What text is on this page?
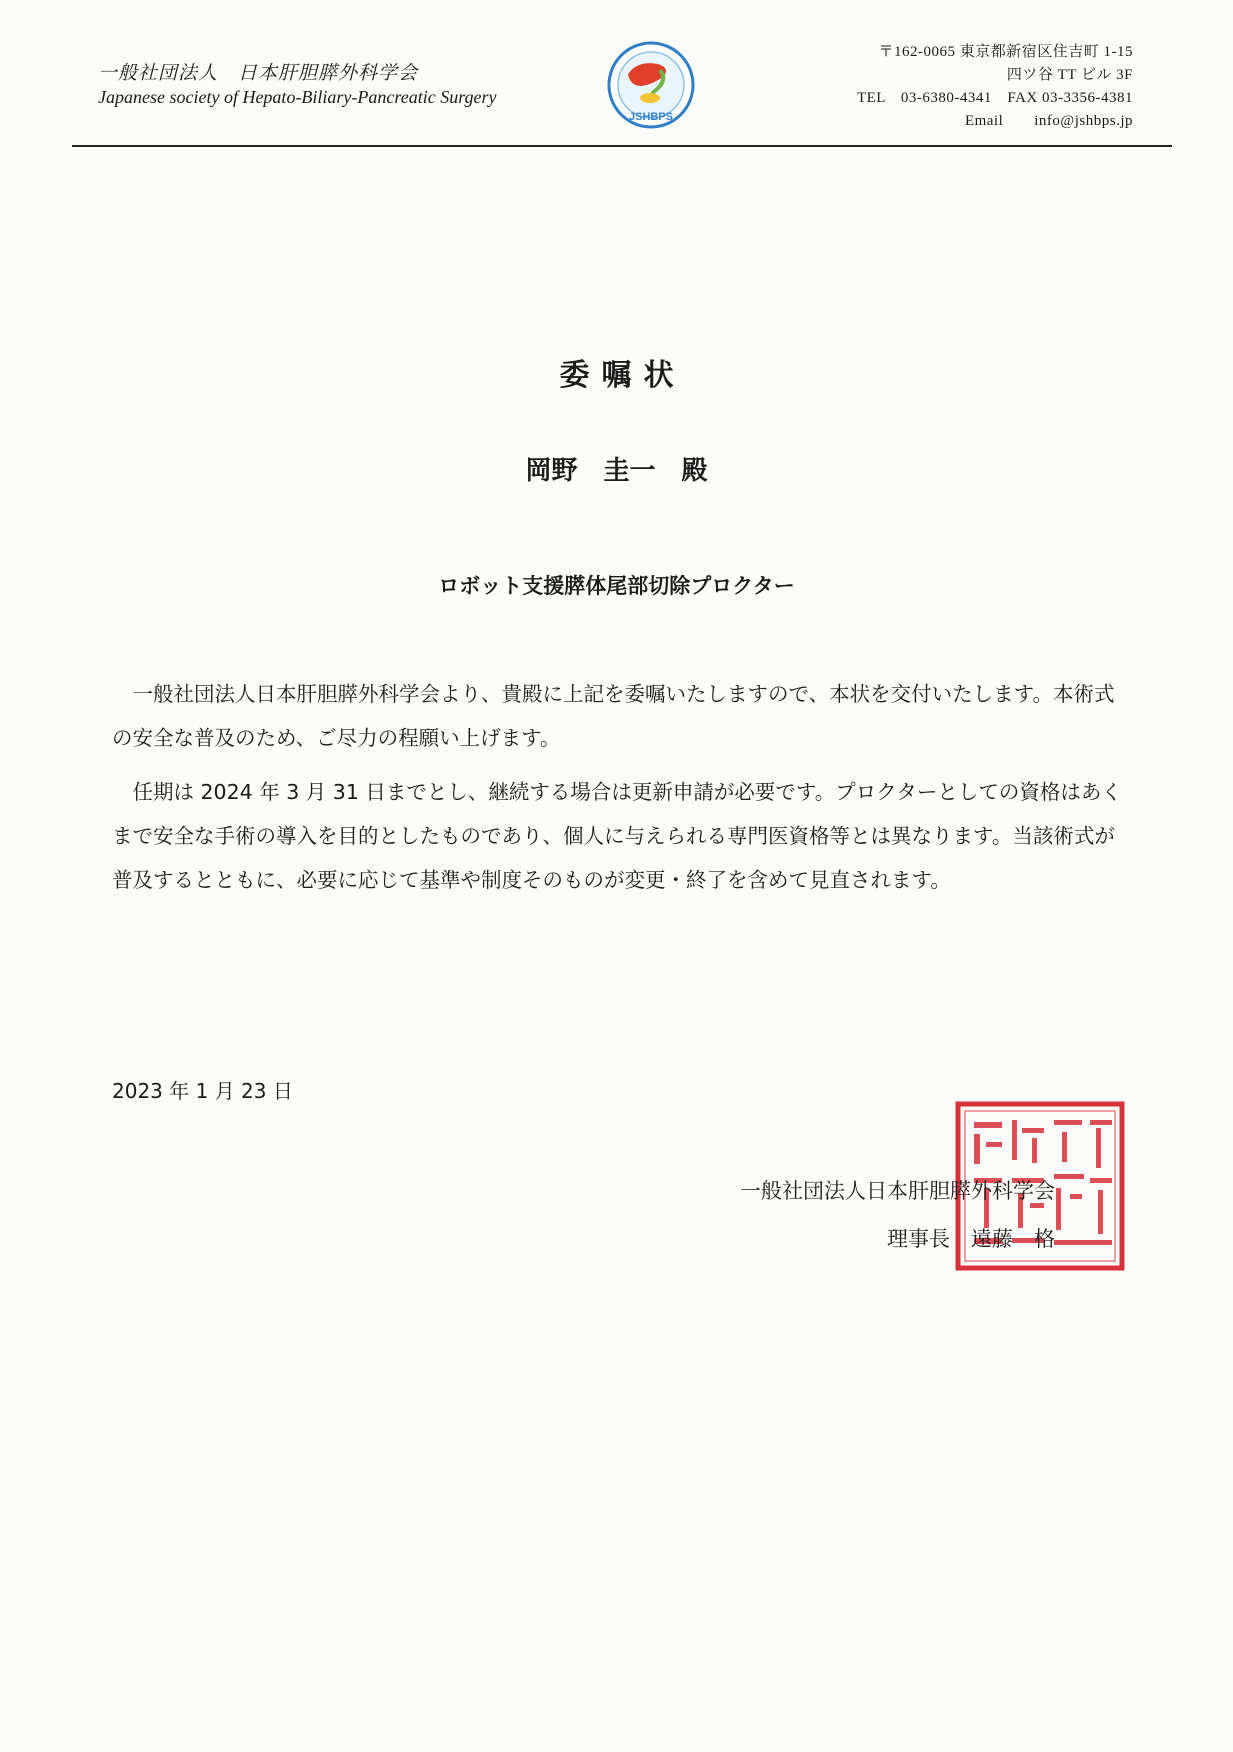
一般社団法人　日本肝胆膵外科学会
Japanese society of Hepato-Biliary-Pancreatic Surgery
JSHBPS
〒162-0065 東京都新宿区住吉町 1-15
四ツ谷 TT ビル 3F
TEL　03-6380-4341　FAX 03-3356-4381
Email　　info@jshbps.jp
委嘱状
岡野　圭一　殿
ロボット支援膵体尾部切除プロクター

一般社団法人日本肝胆膵外科学会より、貴殿に上記を委嘱いたしますので、本状を交付いたします。本術式の安全な普及のため、ご尽力の程願い上げます。

任期は 2024 年 3 月 31 日までとし、継続する場合は更新申請が必要です。プロクターとしての資格はあくまで安全な手術の導入を目的としたものであり、個人に与えられる専門医資格等とは異なります。当該術式が普及するとともに、必要に応じて基準や制度そのものが変更・終了を含めて見直されます。

2023 年 1 月 23 日
一般社団法人日本肝胆膵外科学会
理事長　遠藤　格
